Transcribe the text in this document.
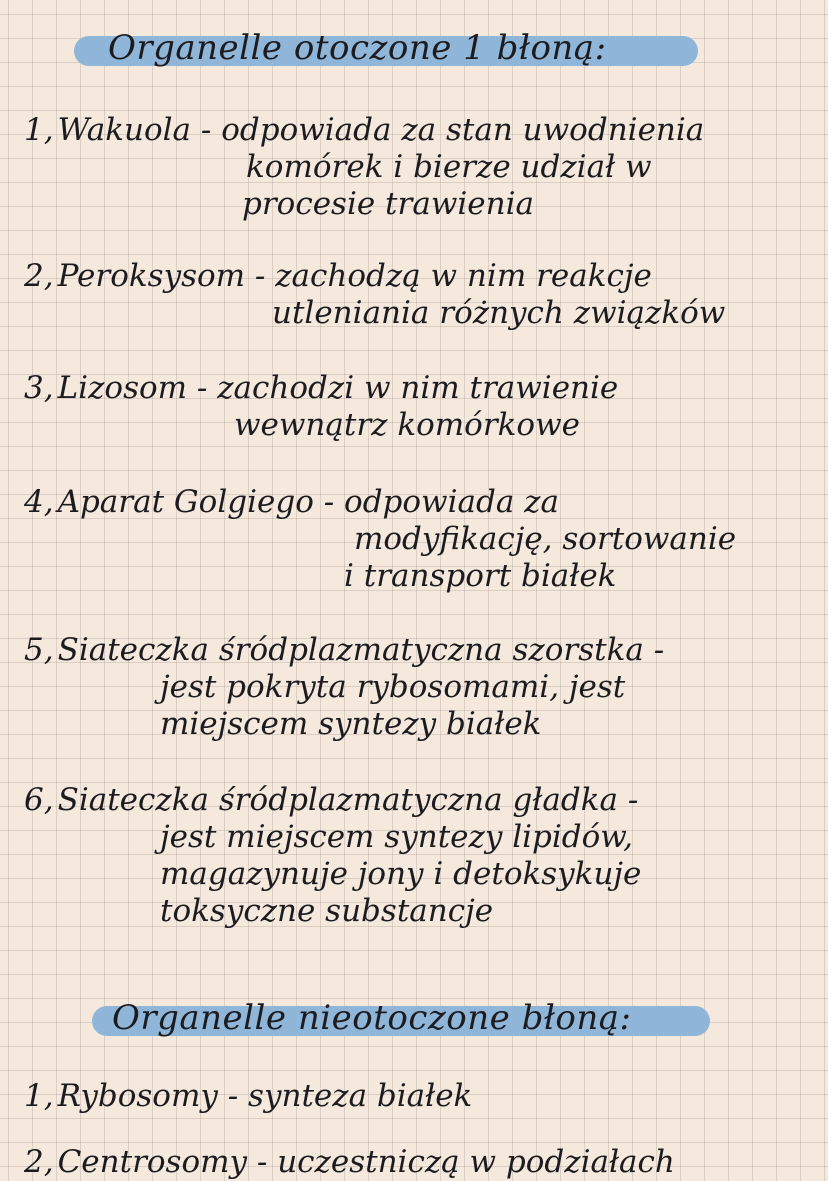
Organelle otoczone 1 błoną:
1, Wakuola - odpowiada za stan uwodnienia
komórek i bierze udział w
procesie trawienia
2, Peroksysom - zachodzą w nim reakcje
utleniania różnych związków
3, Lizosom - zachodzi w nim trawienie
wewnątrz komórkowe
4, Aparat Golgiego - odpowiada za
modyfikację, sortowanie
i transport białek
5, Siateczka śródplazmatyczna szorstka -
jest pokryta rybosomami, jest
miejscem syntezy białek
6, Siateczka śródplazmatyczna gładka -
jest miejscem syntezy lipidów,
magazynuje jony i detoksykuje
toksyczne substancje
Organelle nieotoczone błoną:
1, Rybosomy - synteza białek
2, Centrosomy - uczestniczą w podziałach
